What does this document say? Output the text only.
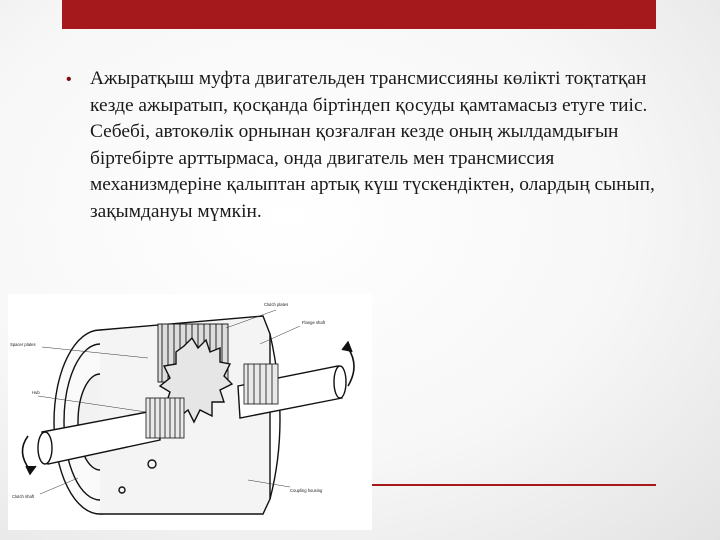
• Ажыратқыш муфта двигательден трансмиссияны көлікті тоқтатқан кезде ажыратып, қосқанда біртіндеп қосуды қамтамасыз етуге тиіс. Себебі, автокөлік орнынан қозғалған кезде оның жылдамдығын біртебірте арттырмаса, онда двигатель мен трансмиссия механизмдеріне қалыптан артық күш түскендіктен, олардың сынып, зақымдануы мүмкін.
Clutch plates
Flange shaft
Spacer plates
Hub
Clutch shaft
Coupling housing
